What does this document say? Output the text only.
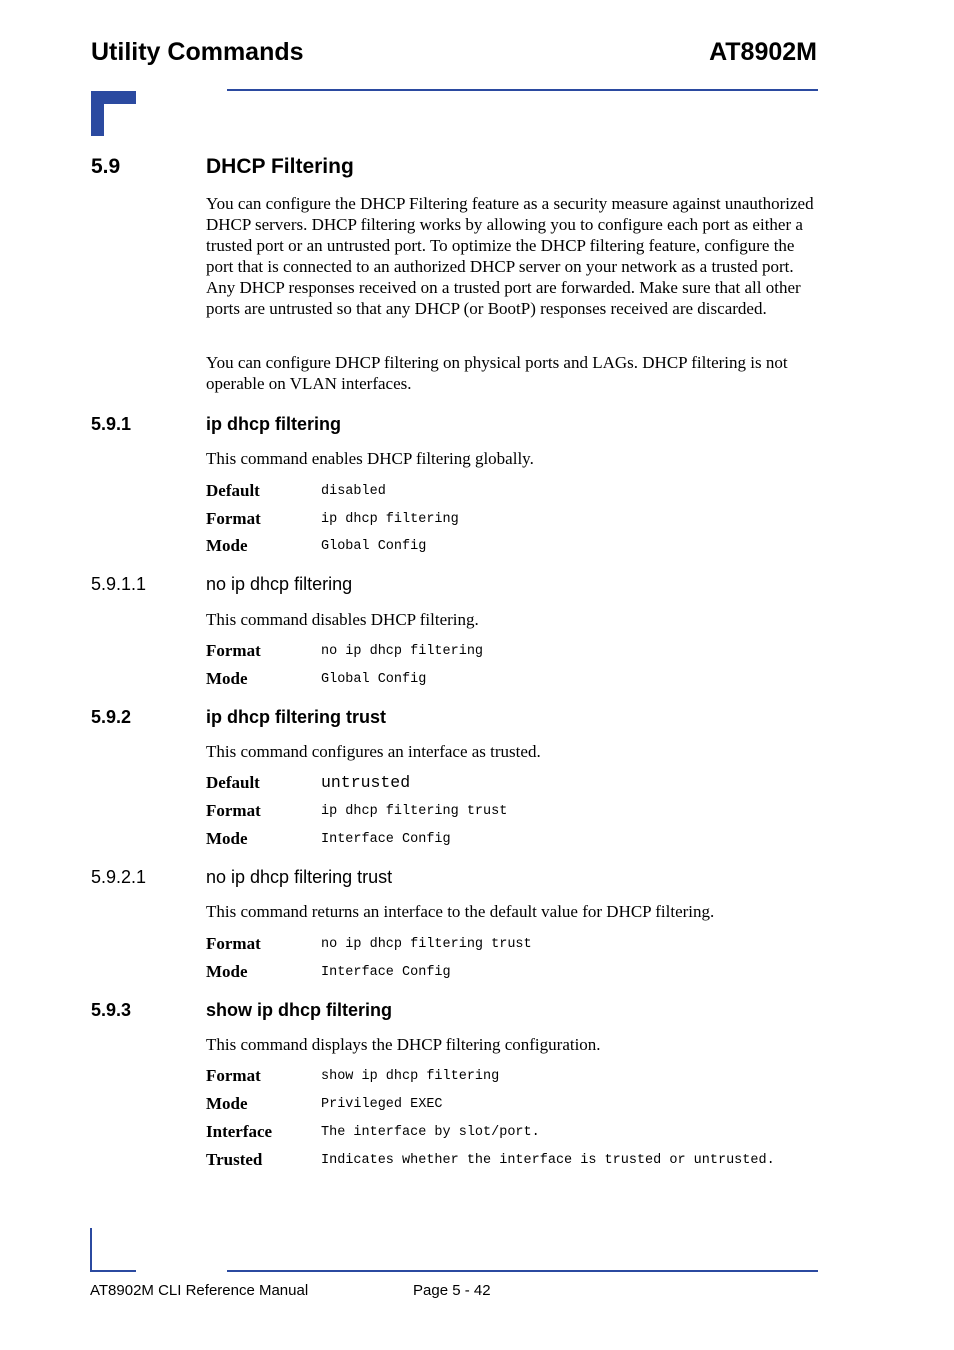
Utility Commands	AT8902M
5.9	DHCP Filtering
You can configure the DHCP Filtering feature as a security measure against unauthorized DHCP servers. DHCP filtering works by allowing you to configure each port as either a trusted port or an untrusted port. To optimize the DHCP filtering feature, configure the port that is connected to an authorized DHCP server on your network as a trusted port. Any DHCP responses received on a trusted port are forwarded. Make sure that all other ports are untrusted so that any DHCP (or BootP) responses received are discarded.
You can configure DHCP filtering on physical ports and LAGs. DHCP filtering is not operable on VLAN interfaces.
5.9.1	ip dhcp filtering
This command enables DHCP filtering globally.
Default	disabled
Format	ip dhcp filtering
Mode	Global Config
5.9.1.1	no ip dhcp filtering
This command disables DHCP filtering.
Format	no ip dhcp filtering
Mode	Global Config
5.9.2	ip dhcp filtering trust
This command configures an interface as trusted.
Default	untrusted
Format	ip dhcp filtering trust
Mode	Interface Config
5.9.2.1	no ip dhcp filtering trust
This command returns an interface to the default value for DHCP filtering.
Format	no ip dhcp filtering trust
Mode	Interface Config
5.9.3	show ip dhcp filtering
This command displays the DHCP filtering configuration.
Format	show ip dhcp filtering
Mode	Privileged EXEC
Interface	The interface by slot/port.
Trusted	Indicates whether the interface is trusted or untrusted.
AT8902M CLI Reference Manual	Page 5 - 42
